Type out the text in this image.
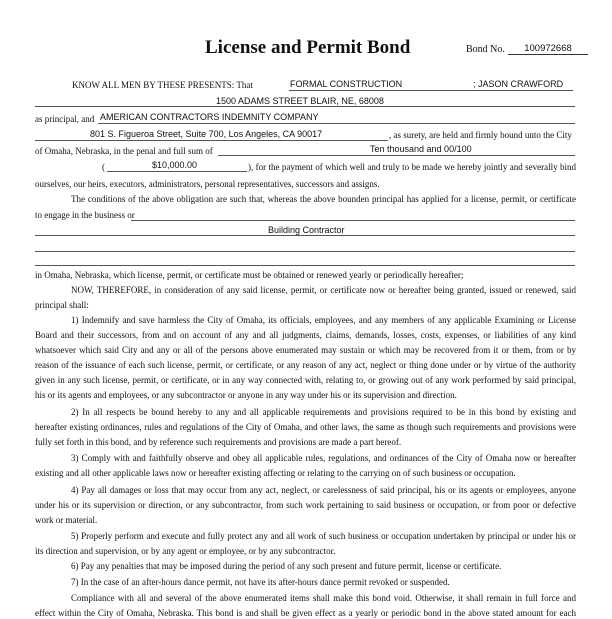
License and Permit Bond	Bond No.	100972668
KNOW ALL MEN BY THESE PRESENTS: That	FORMAL CONSTRUCTION	; JASON CRAWFORD
1500 ADAMS STREET BLAIR, NE, 68008
as principal, and AMERICAN CONTRACTORS INDEMNITY COMPANY
801 S. Figueroa Street, Suite 700, Los Angeles, CA 90017	, as surety, are held and firmly bound unto the City
of Omaha, Nebraska, in the penal and full sum of	Ten thousand and 00/100
(	$10,000.00	), for the payment of which well and truly to be made we hereby jointly and severally bind
ourselves, our heirs, executors, administrators, personal representatives, successors and assigns.
The conditions of the above obligation are such that, whereas the above bounden principal has applied for a license, permit, or certificate
to engage in the business or
Building Contractor
in Omaha, Nebraska, which license, permit, or certificate must be obtained or renewed yearly or periodically hereafter;
NOW, THEREFORE, in consideration of any said license, permit, or certificate now or hereafter being granted, issued or renewed, said
principal shall:
1) Indemnify and save harmless the City of Omaha, its officials, employees, and any members of any applicable Examining or License
Board and their successors, from and on account of any and all judgments, claims, demands, losses, costs, expenses, or liabilities of any kind
whatsoever which said City and any or all of the persons above enumerated may sustain or which may be recovered from it or them, from or by
reason of the issuance of each such license, permit, or certificate, or any reason of any act, neglect or thing done under or by virtue of the authority
given in any such license, permit, or certificate, or in any way connected with, relating to, or growing out of any work performed by said principal,
his or its agents and employees, or any subcontractor or anyone in any way under his or its supervision and direction.
2) In all respects be bound hereby to any and all applicable requirements and provisions required to be in this bond by existing and
hereafter existing ordinances, rules and regulations of the City of Omaha, and other laws, the same as though such requirements and provisions were
fully set forth in this bond, and by reference such requirements and provisions are made a part hereof.
3) Comply with and faithfully observe and obey all applicable rules, regulations, and ordinances of the City of Omaha now or hereafter
existing and all other applicable laws now or hereafter existing affecting or relating to the carrying on of such business or occupation.
4) Pay all damages or loss that may occur from any act, neglect, or carelessness of said principal, his or its agents or employees, anyone
under his or its supervision or direction, or any subcontractor, from such work pertaining to said business or occupation, or from poor or defective
work or material.
5) Properly perform and execute and fully protect any and all work of such business or occupation undertaken by principal or under his or
its direction and supervision, or by any agent or employee, or by any subcontractor.
6) Pay any penalties that may be imposed during the period of any such present and future permit, license or certificate.
7) In the case of an after-hours dance permit, not have its after-hours dance permit revoked or suspended.
Compliance with all and several of the above enumerated items shall make this bond void. Otherwise, it shall remain in full force and
effect within the City of Omaha, Nebraska. This bond is and shall be given effect as a yearly or periodic bond in the above stated amount for each
